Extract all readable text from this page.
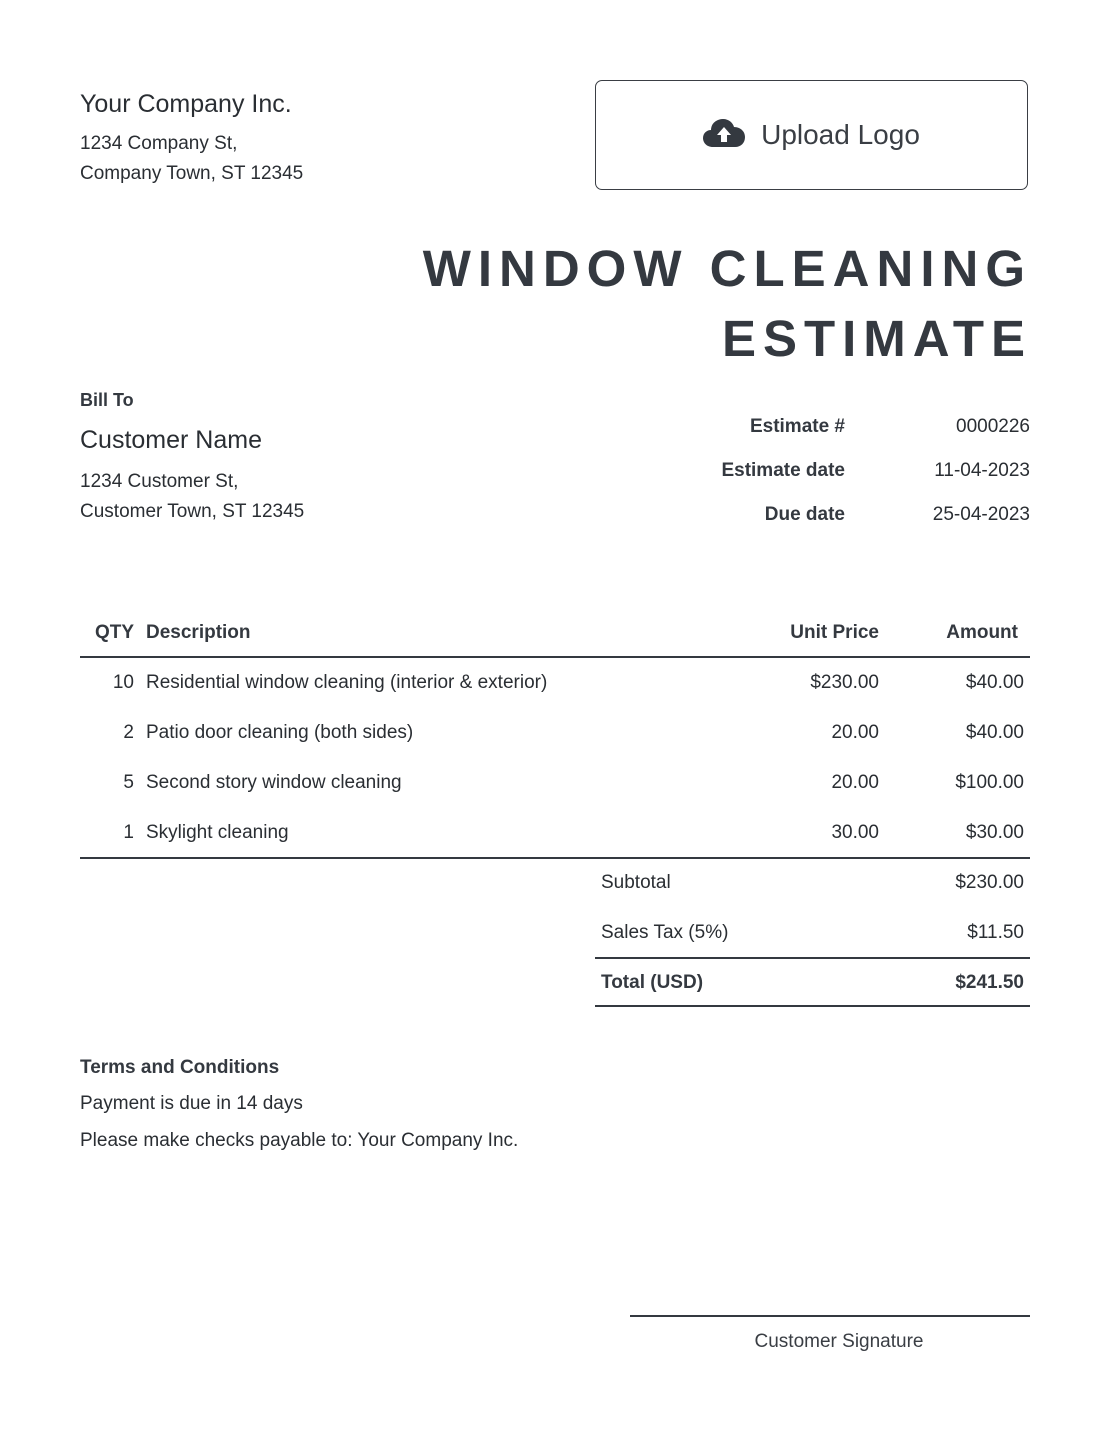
Your Company Inc.
1234 Company St,
Company Town, ST 12345
Upload Logo
WINDOW CLEANING
ESTIMATE
Bill To
Customer Name
1234 Customer St,
Customer Town, ST 12345
Estimate #	0000226
Estimate date	11-04-2023
Due date	25-04-2023
QTY Description	Unit Price	Amount
10 Residential window cleaning (interior & exterior)	$230.00	$40.00
2 Patio door cleaning (both sides)	20.00	$40.00
5 Second story window cleaning	20.00	$100.00
1 Skylight cleaning	30.00	$30.00
Subtotal	$230.00
Sales Tax (5%)	$11.50
Total (USD)	$241.50
Terms and Conditions
Payment is due in 14 days
Please make checks payable to: Your Company Inc.
Customer Signature
